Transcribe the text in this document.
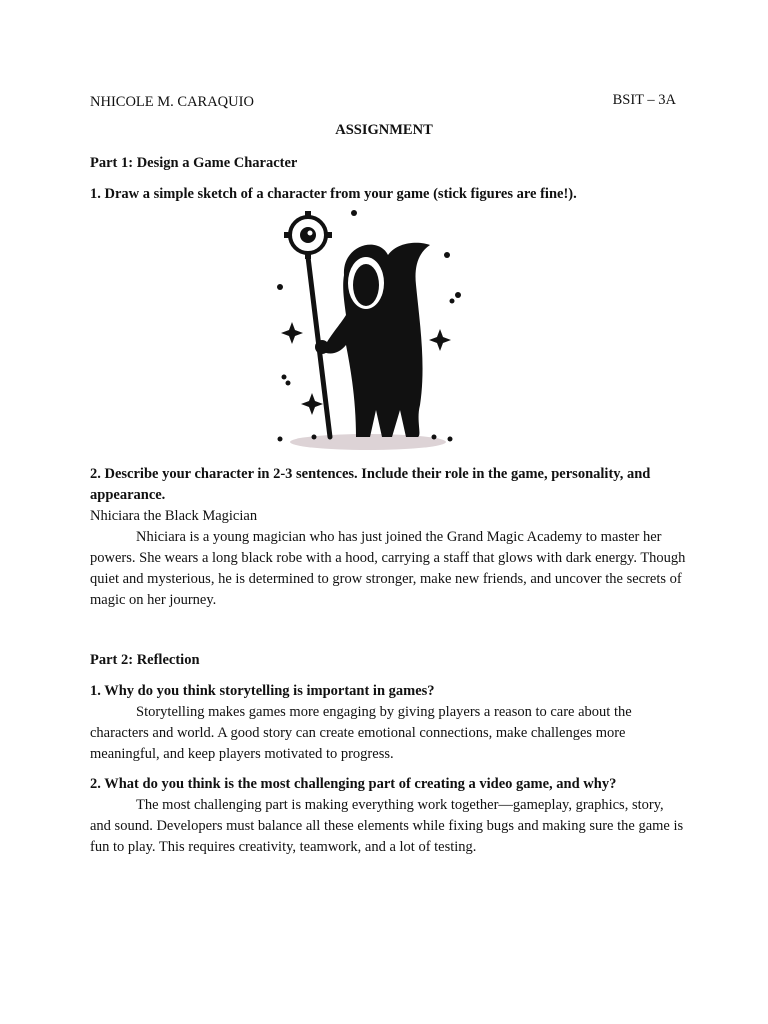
NHICOLE M. CARAQUIO	BSIT – 3A
ASSIGNMENT
Part 1: Design a Game Character
1. Draw a simple sketch of a character from your game (stick figures are fine!).
2. Describe your character in 2-3 sentences. Include their role in the game, personality, and
appearance.
Nhiciara the Black Magician
Nhiciara is a young magician who has just joined the Grand Magic Academy to master her powers. She wears a long black robe with a hood, carrying a staff that glows with dark energy. Though quiet and mysterious, he is determined to grow stronger, make new friends, and uncover the secrets of magic on her journey.
Part 2: Reflection
1. Why do you think storytelling is important in games?
Storytelling makes games more engaging by giving players a reason to care about the characters and world. A good story can create emotional connections, make challenges more meaningful, and keep players motivated to progress.
2. What do you think is the most challenging part of creating a video game, and why?
The most challenging part is making everything work together—gameplay, graphics, story, and sound. Developers must balance all these elements while fixing bugs and making sure the game is fun to play. This requires creativity, teamwork, and a lot of testing.
